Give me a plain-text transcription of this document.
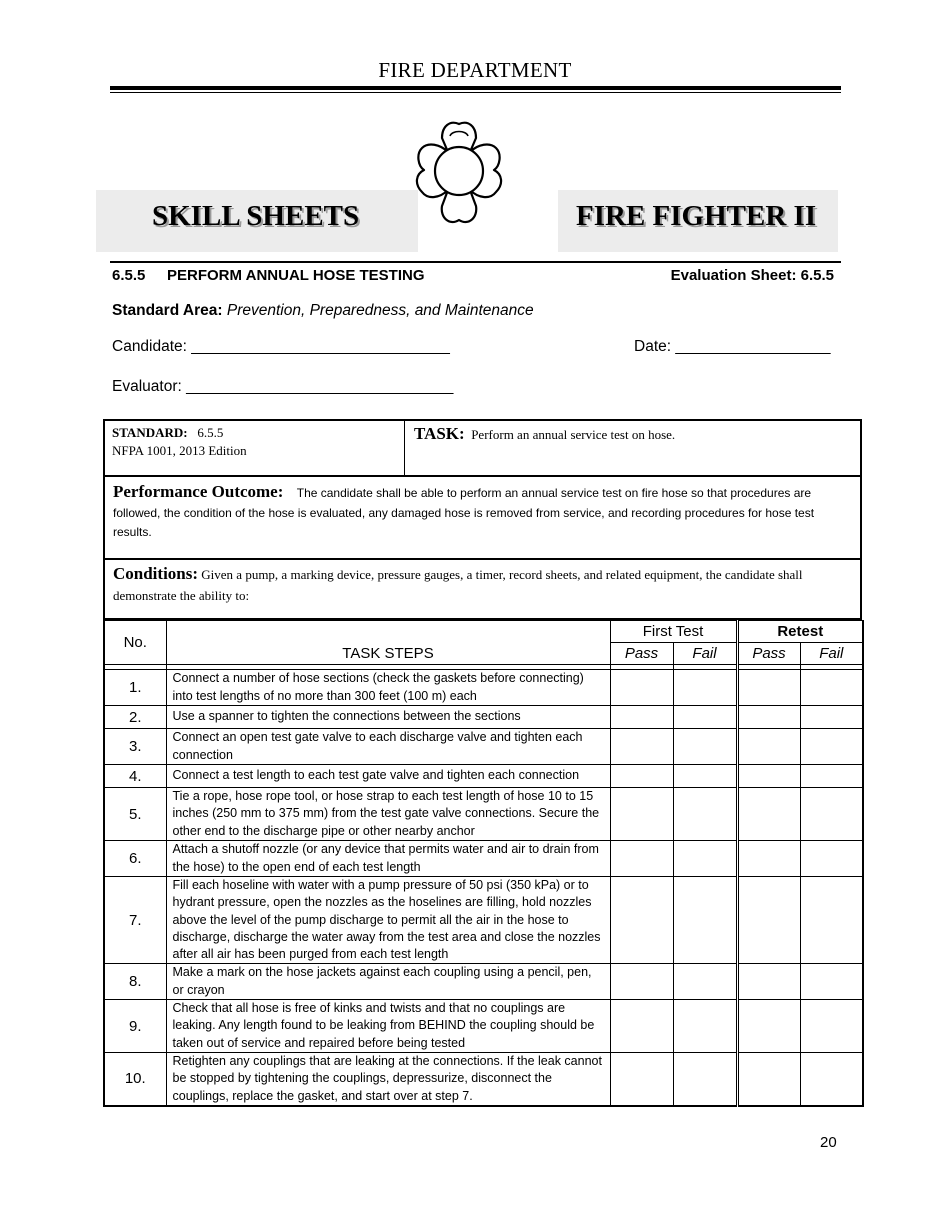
FIRE DEPARTMENT
SKILL SHEETS	FIRE FIGHTER II
6.5.5 PERFORM ANNUAL HOSE TESTING	Evaluation Sheet: 6.5.5
Standard Area: Prevention, Preparedness, and Maintenance
Candidate: ______________________________	Date: __________________
Evaluator: _______________________________
STANDARD: 6.5.5
NFPA 1001, 2013 Edition
TASK: Perform an annual service test on hose.
Performance Outcome: The candidate shall be able to perform an annual service test on fire hose so that procedures are followed, the condition of the hose is evaluated, any damaged hose is removed from service, and recording procedures for hose test results.
Conditions: Given a pump, a marking device, pressure gauges, a timer, record sheets, and related equipment, the candidate shall demonstrate the ability to:
No.	TASK STEPS	First Test		Retest	
		Pass	Fail	Pass	Fail

1.	Connect a number of hose sections (check the gaskets before connecting) into test lengths of no more than 300 feet (100 m) each				
2.	Use a spanner to tighten the connections between the sections				
3.	Connect an open test gate valve to each discharge valve and tighten each connection				
4.	Connect a test length to each test gate valve and tighten each connection				
5.	Tie a rope, hose rope tool, or hose strap to each test length of hose 10 to 15 inches (250 mm to 375 mm) from the test gate valve connections. Secure the other end to the discharge pipe or other nearby anchor				
6.	Attach a shutoff nozzle (or any device that permits water and air to drain from the hose) to the open end of each test length				
7.	Fill each hoseline with water with a pump pressure of 50 psi (350 kPa) or to hydrant pressure, open the nozzles as the hoselines are filling, hold nozzles above the level of the pump discharge to permit all the air in the hose to discharge, discharge the water away from the test area and close the nozzles after all air has been purged from each test length				
8.	Make a mark on the hose jackets against each coupling using a pencil, pen, or crayon				
9.	Check that all hose is free of kinks and twists and that no couplings are leaking. Any length found to be leaking from BEHIND the coupling should be taken out of service and repaired before being tested				
10.	Retighten any couplings that are leaking at the connections. If the leak cannot be stopped by tightening the couplings, depressurize, disconnect the couplings, replace the gasket, and start over at step 7.				
20
